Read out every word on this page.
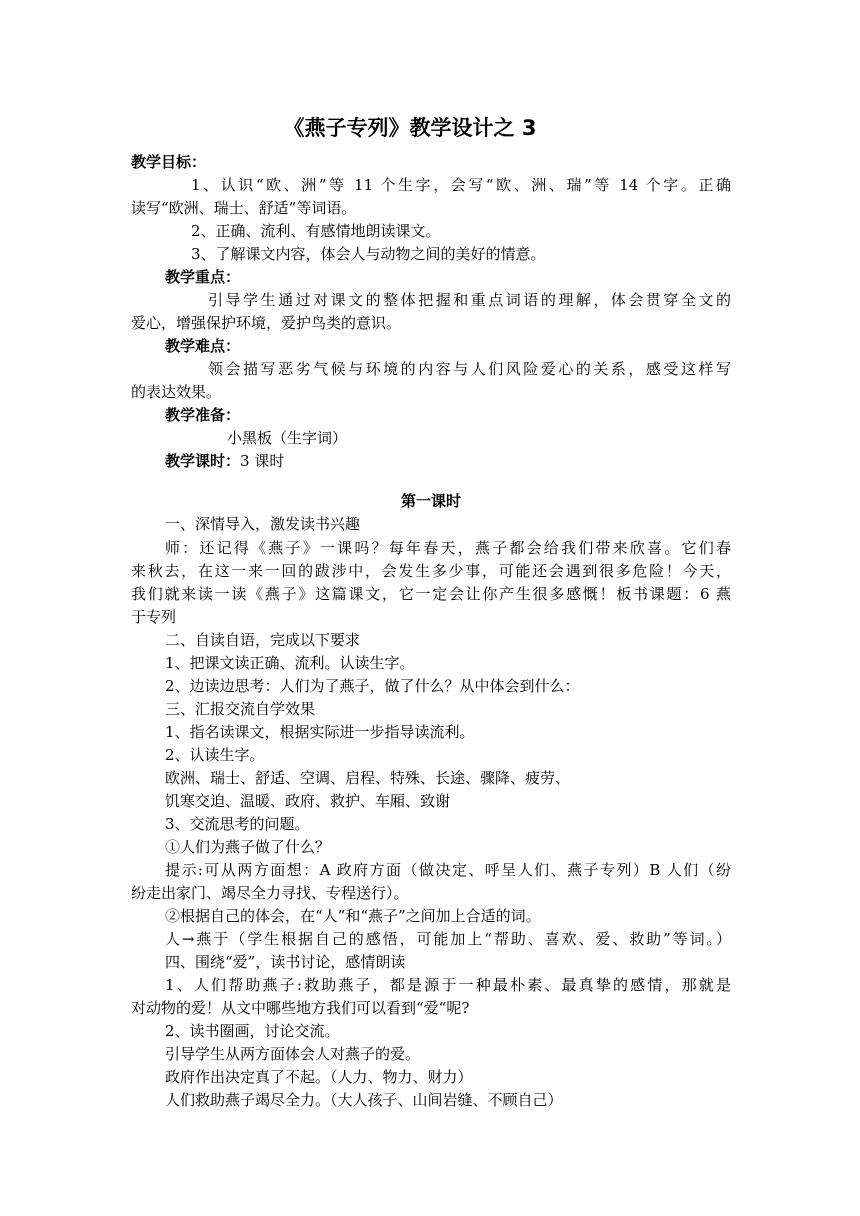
《燕子专列》教学设计之 3
教学目标：
1、认识“欧、洲”等 11 个生字，会写“欧、洲、瑞”等 14 个字。正确
读写“欧洲、瑞士、舒适”等词语。
2、正确、流利、有感情地朗读课文。
3、了解课文内容，体会人与动物之间的美好的情意。
教学重点：
引导学生通过对课文的整体把握和重点词语的理解，体会贯穿全文的
爱心，增强保护环境，爱护鸟类的意识。
教学难点：
领会描写恶劣气候与环境的内容与人们风险爱心的关系，感受这样写
的表达效果。
教学准备：
小黑板（生字词）
教学课时：3 课时
第一课时
一、深情导入，激发读书兴趣
师：还记得《燕子》一课吗？每年春天，燕子都会给我们带来欣喜。它们春
来秋去，在这一来一回的跋涉中，会发生多少事，可能还会遇到很多危险！今天，
我们就来读一读《燕子》这篇课文，它一定会让你产生很多感慨！板书课题：6 燕
于专列
二、自读自语，完成以下要求
1、把课文读正确、流利。认读生字。
2、边读边思考：人们为了燕子，做了什么？从中体会到什么：
三、汇报交流自学效果
1、指名读课文，根据实际进一步指导读流利。
2、认读生字。
欧洲、瑞士、舒适、空调、启程、特殊、长途、骤降、疲劳、
饥寒交迫、温暖、政府、救护、车厢、致谢
3、交流思考的问题。
①人们为燕子做了什么？
提示:可从两方面想：A 政府方面（做决定、呼呈人们、燕子专列）B 人们（纷
纷走出家门、竭尽全力寻找、专程送行）。
②根据自己的体会，在“人”和“燕子”之间加上合适的词。
人→燕于（学生根据自己的感悟，可能加上“帮助、喜欢、爱、救助”等词。）
四、围绕“爱”，读书讨论，感情朗读
1、人们帮助燕子:救助燕子，都是源于一种最朴素、最真挚的感情，那就是
对动物的爱！从文中哪些地方我们可以看到“爱“呢?
2、读书圈画，讨论交流。
引导学生从两方面体会人对燕子的爱。
政府作出决定真了不起。（人力、物力、财力）
人们救助燕子竭尽全力。（大人孩子、山间岩缝、不顾自己）
